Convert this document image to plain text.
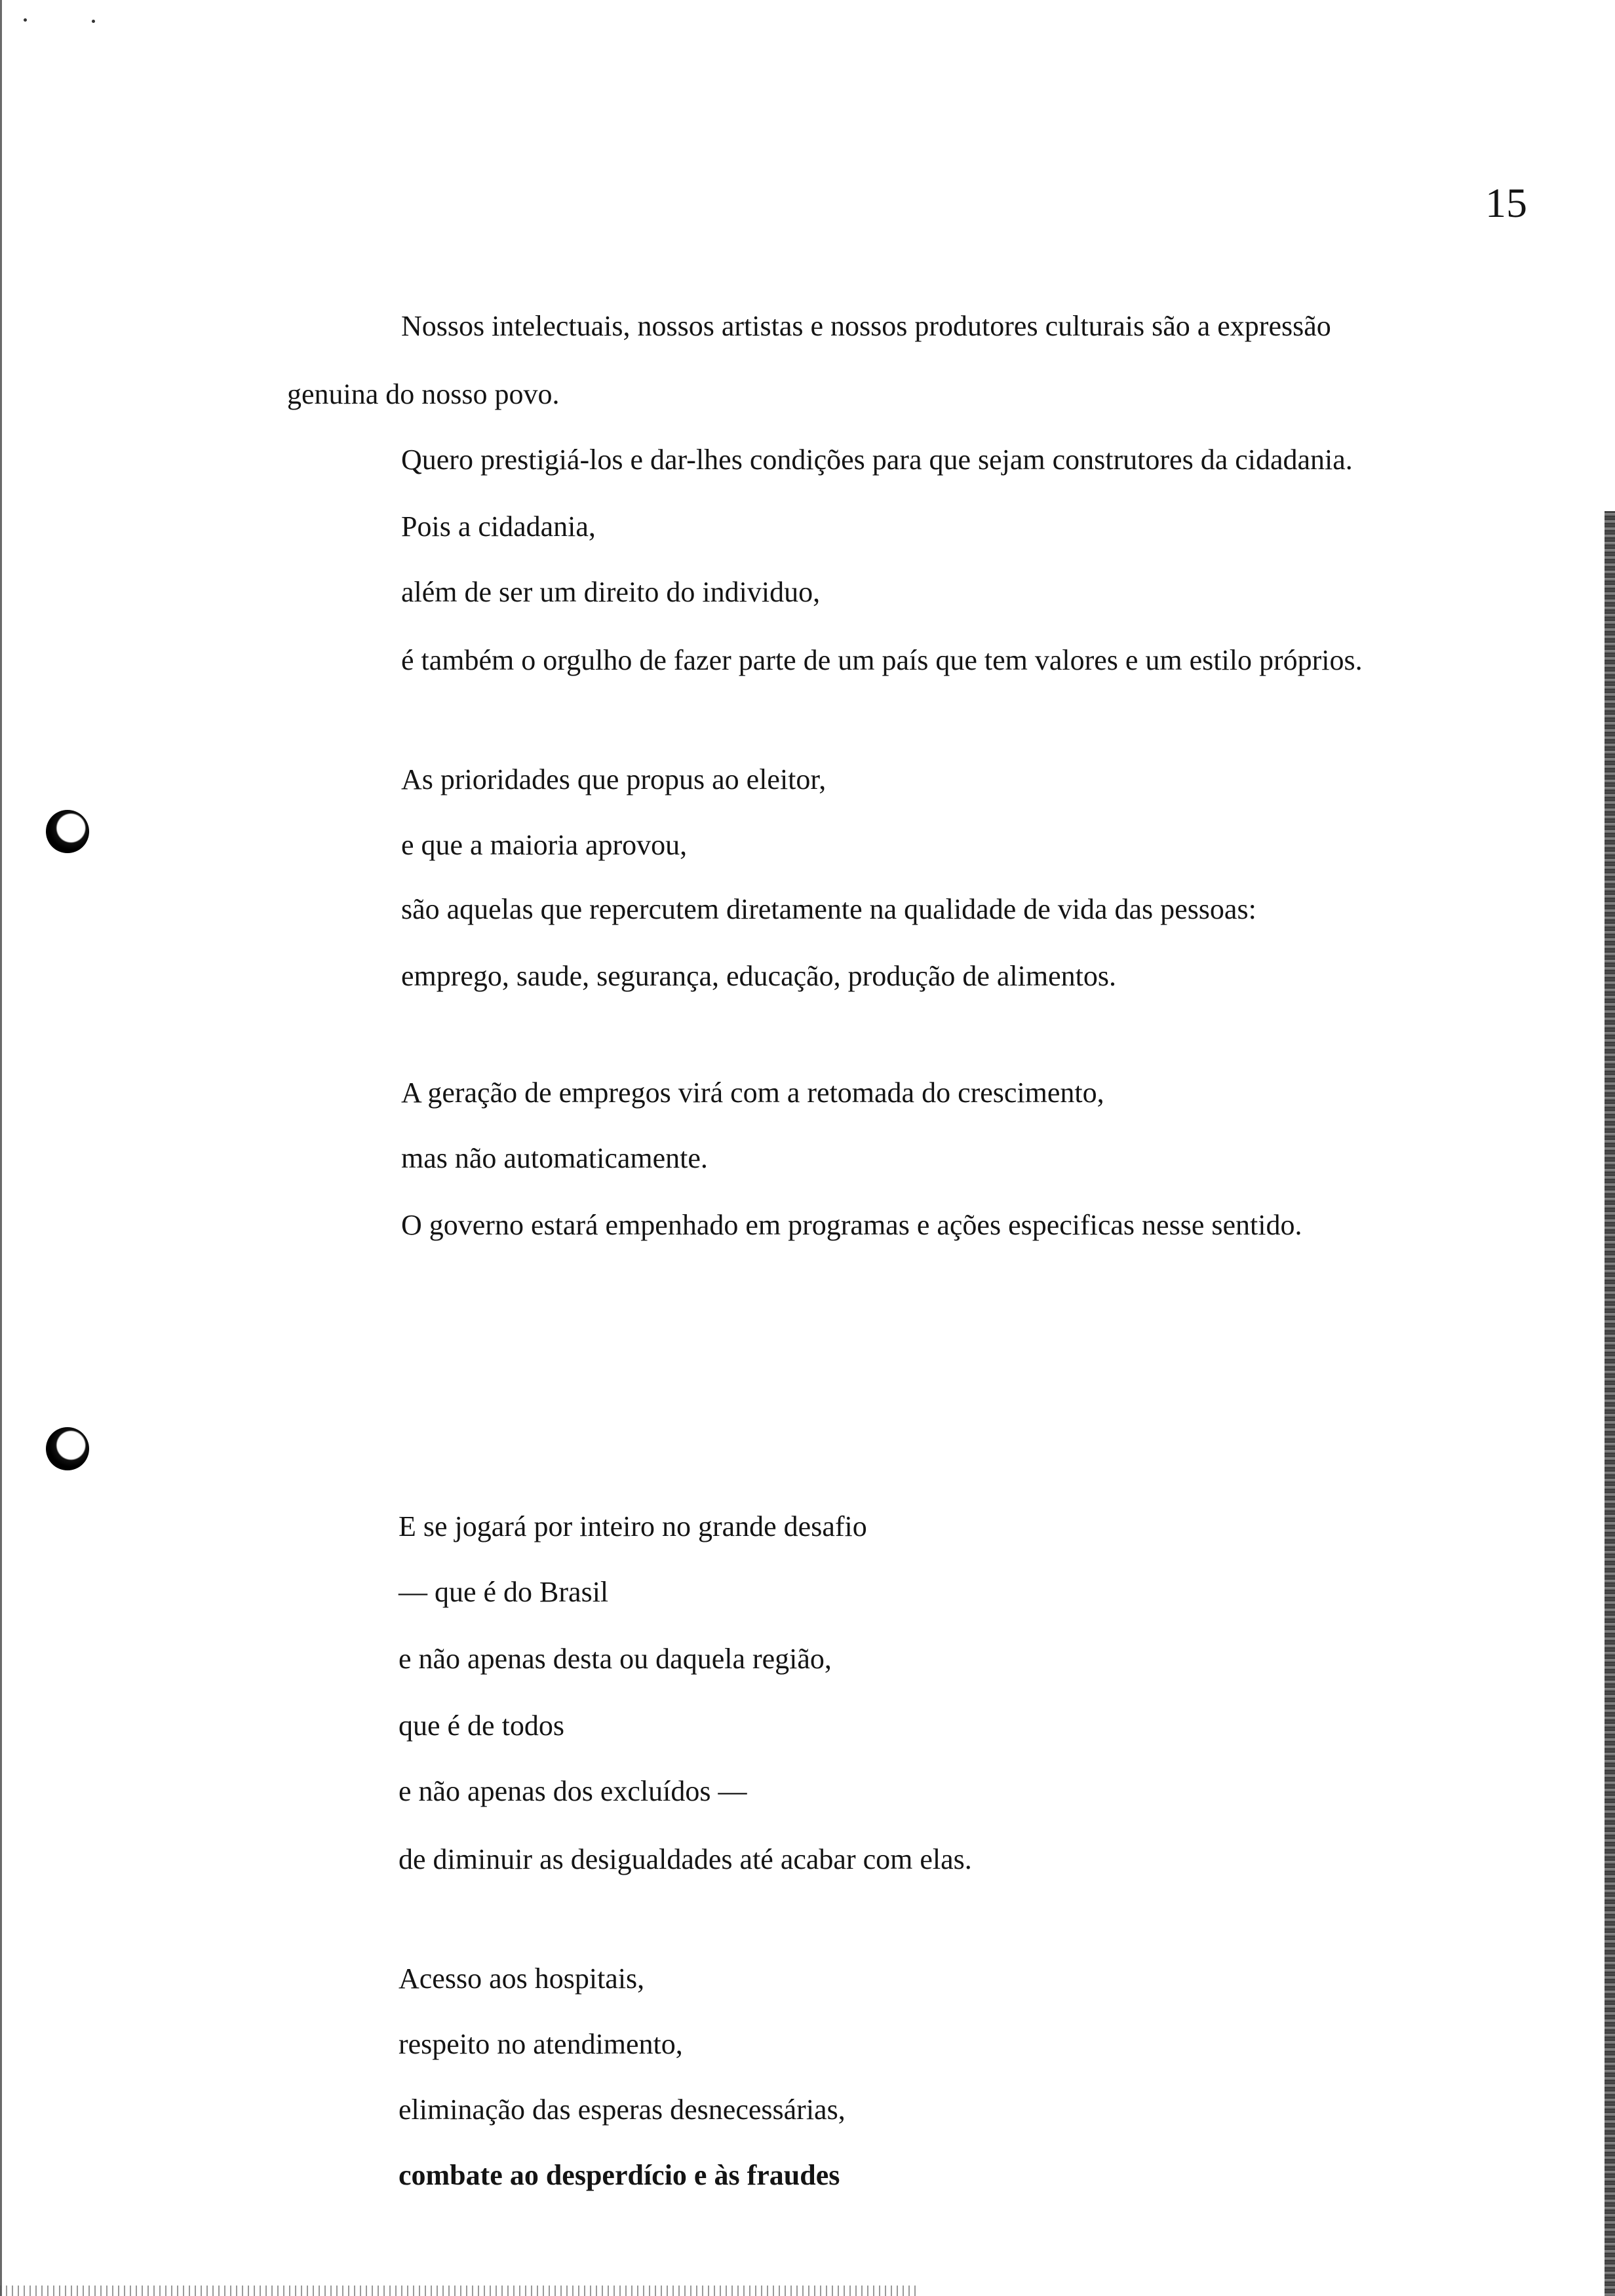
15

Nossos intelectuais, nossos artistas e nossos produtores culturais são a expressão

genuina do nosso povo.

Quero prestigiá-los e dar-lhes condições para que sejam construtores da cidadania.

Pois a cidadania,

além de ser um direito do individuo,

é também o orgulho de fazer parte de um país que tem valores e um estilo próprios.

As prioridades que propus ao eleitor,

e que a maioria aprovou,

são aquelas que repercutem diretamente na qualidade de vida das pessoas:

emprego, saude, segurança, educação, produção de alimentos.

A geração de empregos virá com a retomada do crescimento,

mas não automaticamente.

O governo estará empenhado em programas e ações especificas nesse sentido.

E se jogará por inteiro no grande desafio

— que é do Brasil

e não apenas desta ou daquela região,

que é de todos

e não apenas dos excluídos —

de diminuir as desigualdades até acabar com elas.

Acesso aos hospitais,

respeito no atendimento,

eliminação das esperas desnecessárias,

combate ao desperdício e às fraudes
